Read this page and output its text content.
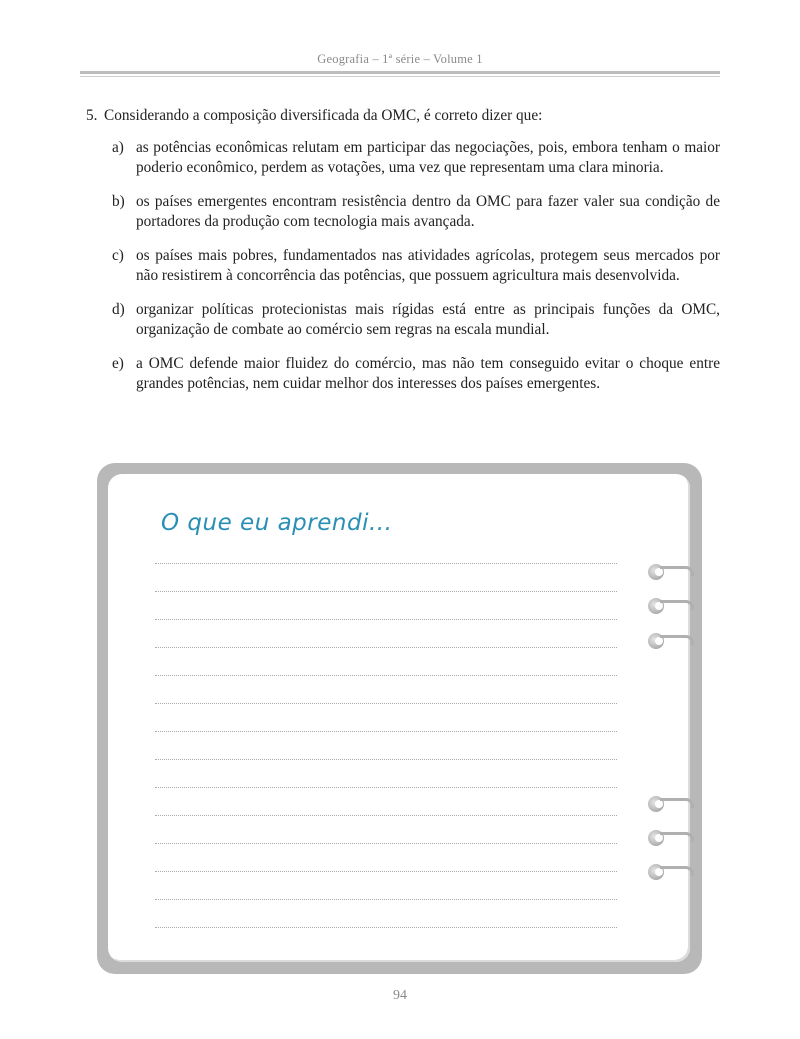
Geografia – 1ª série – Volume 1
5. Considerando a composição diversificada da OMC, é correto dizer que:
a) as potências econômicas relutam em participar das negociações, pois, embora tenham o maior poderio econômico, perdem as votações, uma vez que representam uma clara minoria.
b) os países emergentes encontram resistência dentro da OMC para fazer valer sua condição de portadores da produção com tecnologia mais avançada.
c) os países mais pobres, fundamentados nas atividades agrícolas, protegem seus mercados por não resistirem à concorrência das potências, que possuem agricultura mais desenvolvida.
d) organizar políticas protecionistas mais rígidas está entre as principais funções da OMC, organização de combate ao comércio sem regras na escala mundial.
e) a OMC defende maior fluidez do comércio, mas não tem conseguido evitar o choque entre grandes potências, nem cuidar melhor dos interesses dos países emergentes.
O que eu aprendi...
94
